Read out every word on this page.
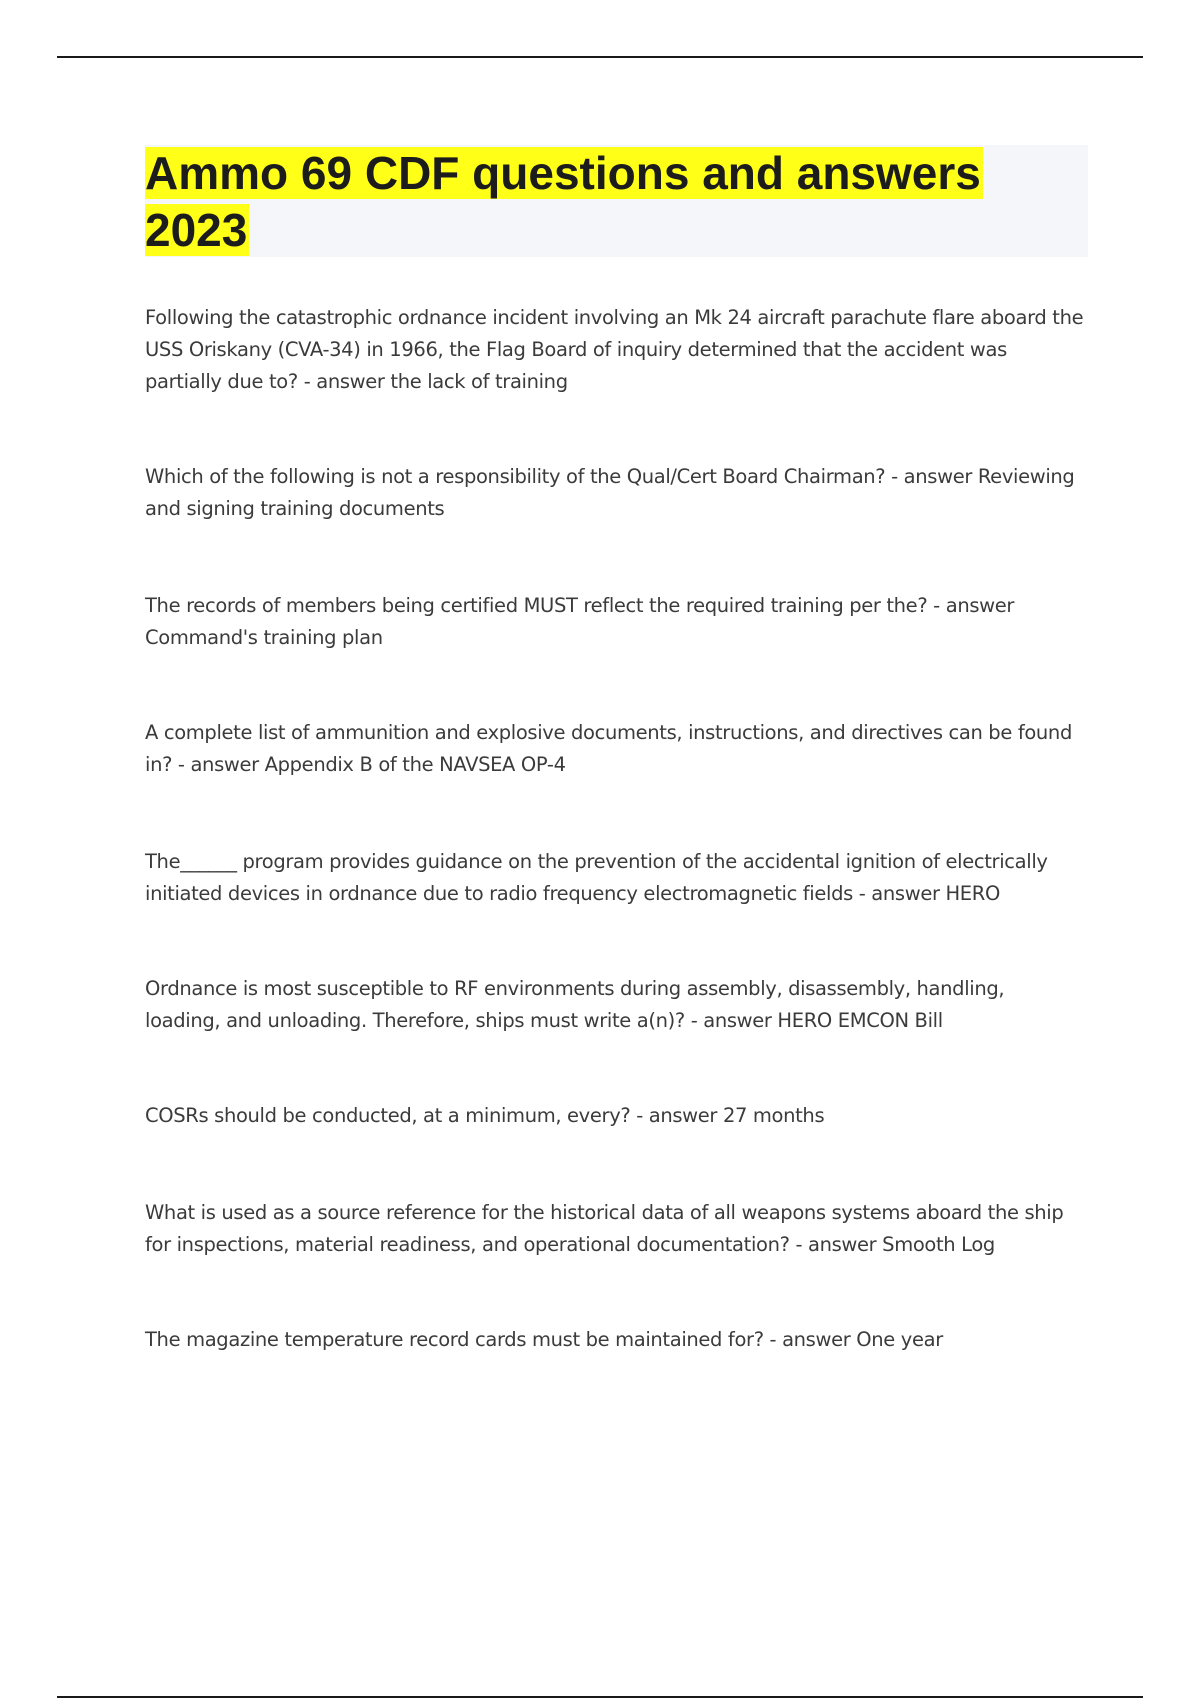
Ammo 69 CDF questions and answers 2023
Following the catastrophic ordnance incident involving an Mk 24 aircraft parachute flare aboard the USS Oriskany (CVA-34) in 1966, the Flag Board of inquiry determined that the accident was partially due to? - answer the lack of training
Which of the following is not a responsibility of the Qual/Cert Board Chairman? - answer Reviewing and signing training documents
The records of members being certified MUST reflect the required training per the? - answer Command's training plan
A complete list of ammunition and explosive documents, instructions, and directives can be found in? - answer Appendix B of the NAVSEA OP-4
The______ program provides guidance on the prevention of the accidental ignition of electrically initiated devices in ordnance due to radio frequency electromagnetic fields - answer HERO
Ordnance is most susceptible to RF environments during assembly, disassembly, handling, loading, and unloading. Therefore, ships must write a(n)? - answer HERO EMCON Bill
COSRs should be conducted, at a minimum, every? - answer 27 months
What is used as a source reference for the historical data of all weapons systems aboard the ship for inspections, material readiness, and operational documentation? - answer Smooth Log
The magazine temperature record cards must be maintained for? - answer One year
